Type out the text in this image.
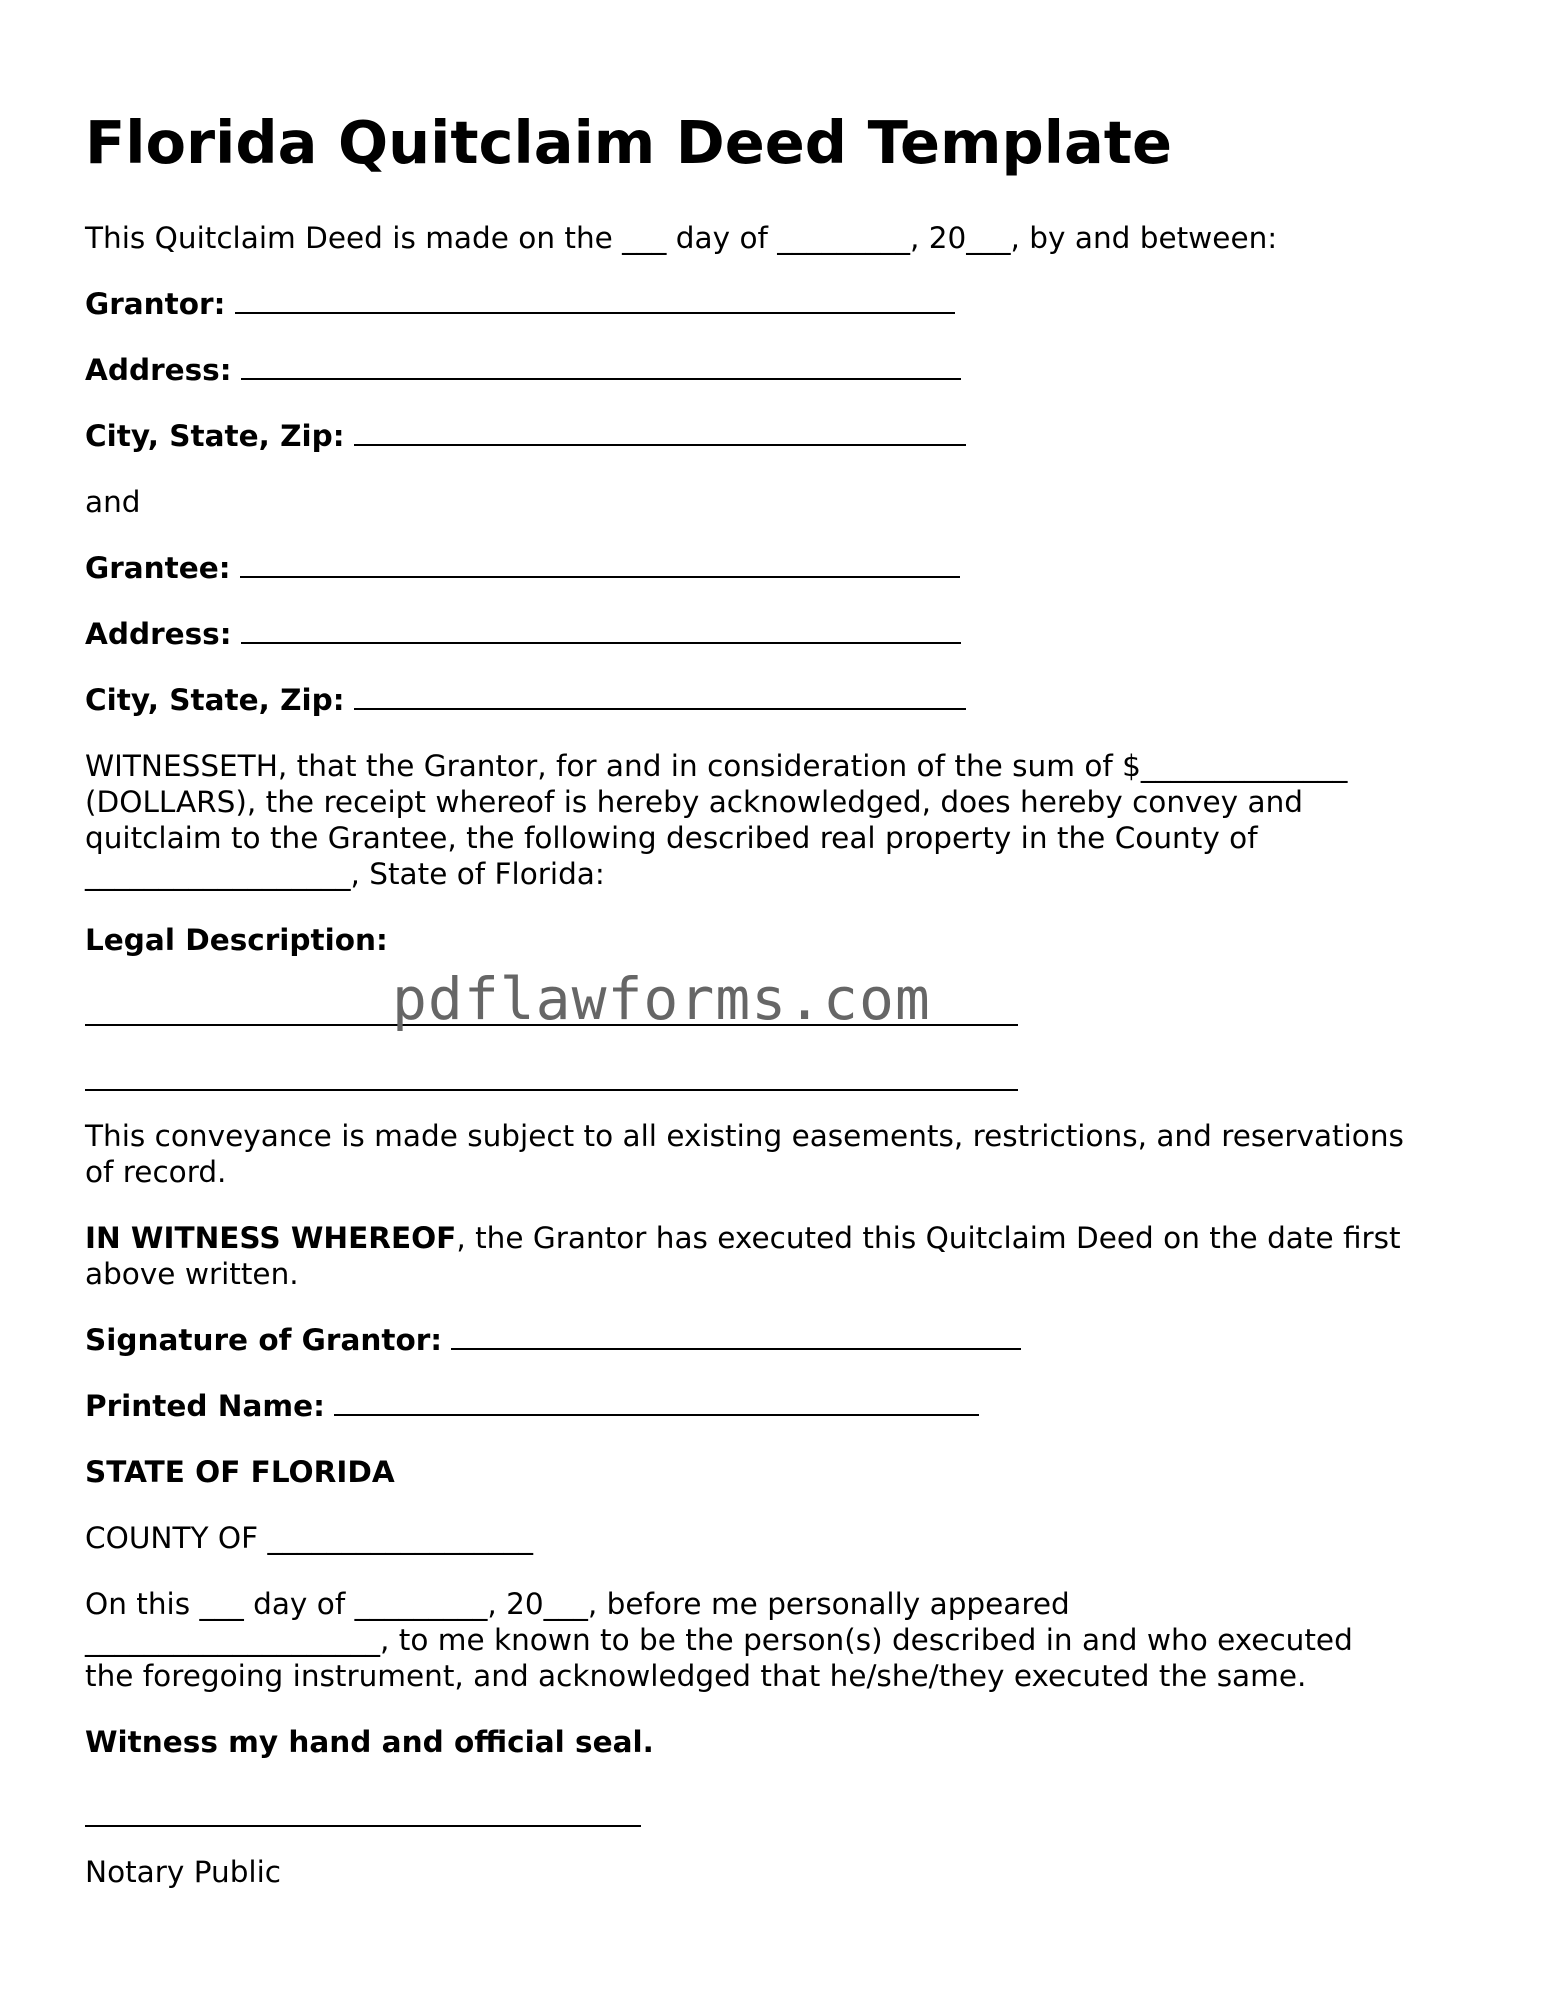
Florida Quitclaim Deed Template

This Quitclaim Deed is made on the ___ day of _________, 20___, by and between:

Grantor:

Address:

City, State, Zip:

and

Grantee:

Address:

City, State, Zip:

WITNESSETH, that the Grantor, for and in consideration of the sum of $______________
(DOLLARS), the receipt whereof is hereby acknowledged, does hereby convey and
quitclaim to the Grantee, the following described real property in the County of
__________________, State of Florida:

Legal Description:

This conveyance is made subject to all existing easements, restrictions, and reservations
of record.
IN WITNESS WHEREOF, the Grantor has executed this Quitclaim Deed on the date first
above written.

Signature of Grantor:

Printed Name:

STATE OF FLORIDA

COUNTY OF __________________

On this ___ day of _________, 20___, before me personally appeared
____________________, to me known to be the person(s) described in and who executed
the foregoing instrument, and acknowledged that he/she/they executed the same.

Witness my hand and official seal.

Notary Public

pdflawforms.com
